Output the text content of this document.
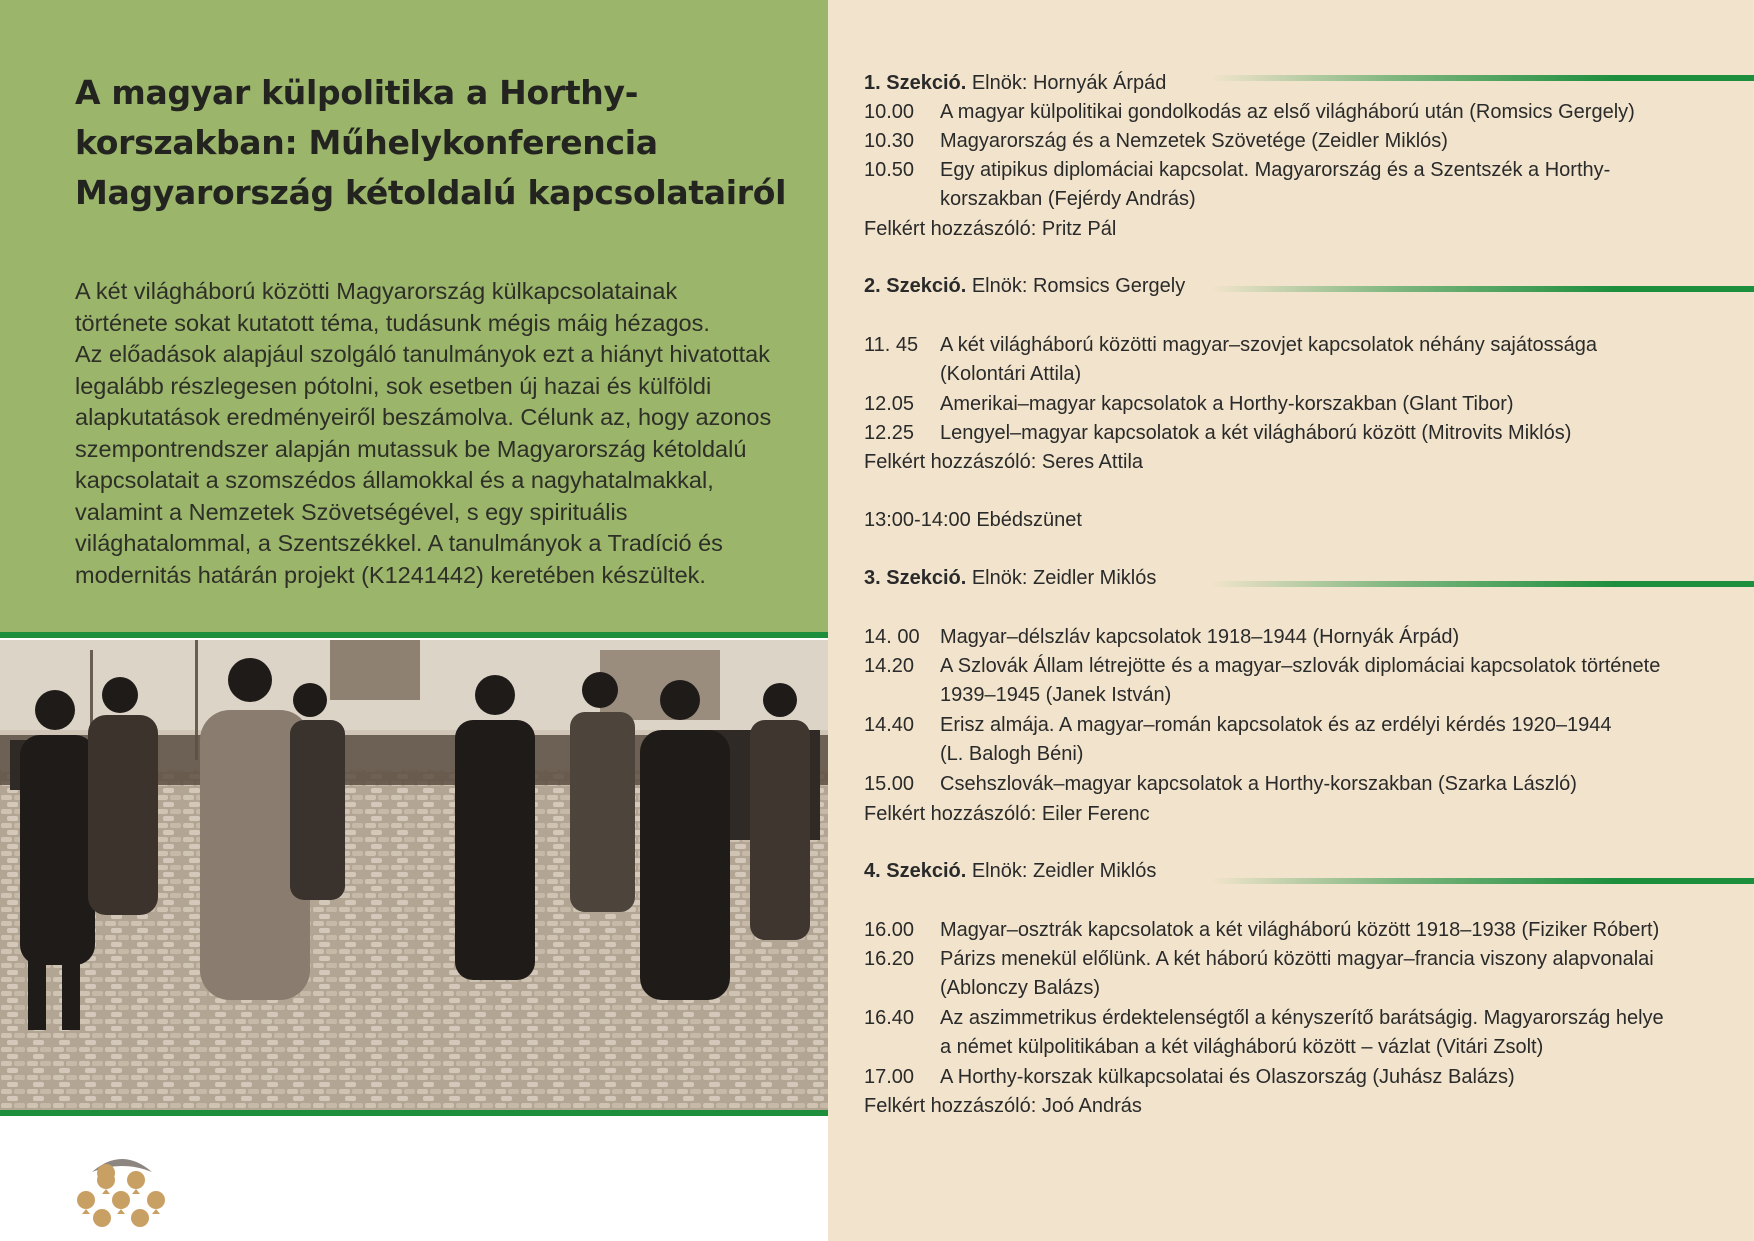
A magyar külpolitika a Horthy-korszakban: Műhelykonferencia Magyarország kétoldalú kapcsolatairól

A két világháború közötti Magyarország külkapcsolatainak
története sokat kutatott téma, tudásunk mégis máig hézagos.
Az előadások alapjául szolgáló tanulmányok ezt a hiányt hivatottak
legalább részlegesen pótolni, sok esetben új hazai és külföldi
alapkutatások eredményeiről beszámolva. Célunk az, hogy azonos
szempontrendszer alapján mutassuk be Magyarország kétoldalú
kapcsolatait a szomszédos államokkal és a nagyhatalmakkal,
valamint a Nemzetek Szövetségével, s egy spirituális
világhatalommal, a Szentszékkel. A tanulmányok a Tradíció és
modernitás határán projekt (K1241442) keretében készültek.

1. Szekció. Elnök: Hornyák Árpád
10.00	A magyar külpolitikai gondolkodás az első világháború után (Romsics Gergely)
10.30	Magyarország és a Nemzetek Szövetége (Zeidler Miklós)
10.50	Egy atipikus diplomáciai kapcsolat. Magyarország és a Szentszék a Horthy-
korszakban (Fejérdy András)
Felkért hozzászóló: Pritz Pál
2. Szekció. Elnök: Romsics Gergely
11. 45	A két világháború közötti magyar–szovjet kapcsolatok néhány sajátossága
(Kolontári Attila)
12.05	Amerikai–magyar kapcsolatok a Horthy-korszakban (Glant Tibor)
12.25	Lengyel–magyar kapcsolatok a két világháború között (Mitrovits Miklós)
Felkért hozzászóló: Seres Attila
13:00-14:00 Ebédszünet
3. Szekció. Elnök: Zeidler Miklós
14. 00	Magyar–délszláv kapcsolatok 1918–1944 (Hornyák Árpád)
14.20	A Szlovák Állam létrejötte és a magyar–szlovák diplomáciai kapcsolatok története
1939–1945 (Janek István)
14.40	Erisz almája. A magyar–román kapcsolatok és az erdélyi kérdés 1920–1944
(L. Balogh Béni)
15.00	Csehszlovák–magyar kapcsolatok a Horthy-korszakban (Szarka László)
Felkért hozzászóló: Eiler Ferenc
4. Szekció. Elnök: Zeidler Miklós
16.00	Magyar–osztrák kapcsolatok a két világháború között 1918–1938 (Fiziker Róbert)
16.20	Párizs menekül előlünk. A két háború közötti magyar–francia viszony alapvonalai
(Ablonczy Balázs)
16.40	Az aszimmetrikus érdektelenségtől a kényszerítő barátságig. Magyarország helye
a német külpolitikában a két világháború között – vázlat (Vitári Zsolt)
17.00	A Horthy-korszak külkapcsolatai és Olaszország (Juhász Balázs)
Felkért hozzászóló: Joó András
